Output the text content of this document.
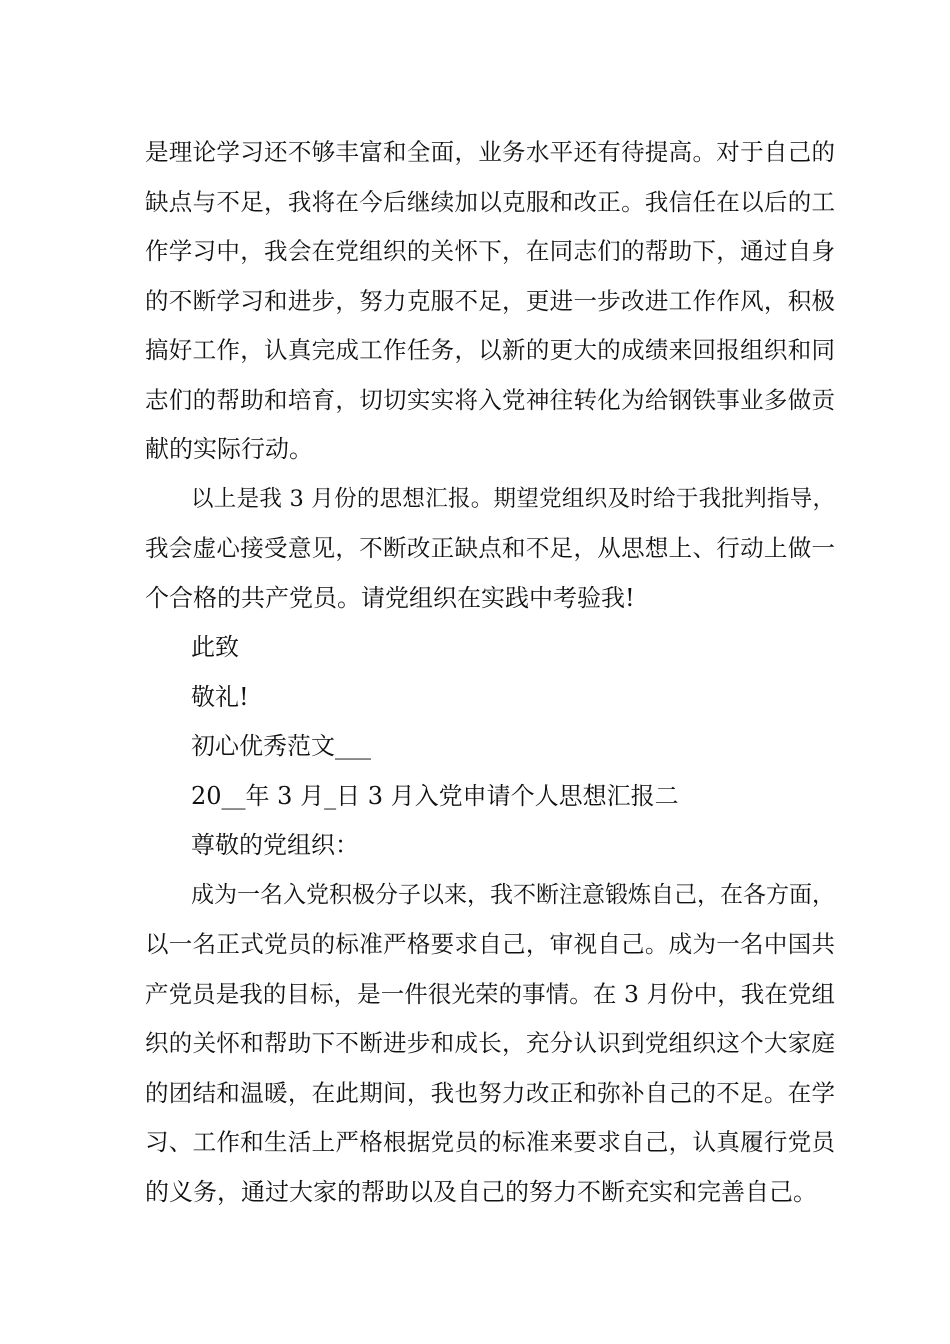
是理论学习还不够丰富和全面，业务水平还有待提高。对于自己的
缺点与不足，我将在今后继续加以克服和改正。我信任在以后的工
作学习中，我会在党组织的关怀下，在同志们的帮助下，通过自身
的不断学习和进步，努力克服不足，更进一步改进工作作风，积极
搞好工作，认真完成工作任务，以新的更大的成绩来回报组织和同
志们的帮助和培育，切切实实将入党神往转化为给钢铁事业多做贡
献的实际行动。
以上是我 3 月份的思想汇报。期望党组织及时给于我批判指导，
我会虚心接受意见，不断改正缺点和不足，从思想上、行动上做一
个合格的共产党员。请党组织在实践中考验我!
此致
敬礼!
初心优秀范文___
20__年 3 月_日 3 月入党申请个人思想汇报二
尊敬的党组织：
成为一名入党积极分子以来，我不断注意锻炼自己，在各方面，
以一名正式党员的标准严格要求自己，审视自己。成为一名中国共
产党员是我的目标，是一件很光荣的事情。在 3 月份中，我在党组
织的关怀和帮助下不断进步和成长，充分认识到党组织这个大家庭
的团结和温暖，在此期间，我也努力改正和弥补自己的不足。在学
习、工作和生活上严格根据党员的标准来要求自己，认真履行党员
的义务，通过大家的帮助以及自己的努力不断充实和完善自己。
